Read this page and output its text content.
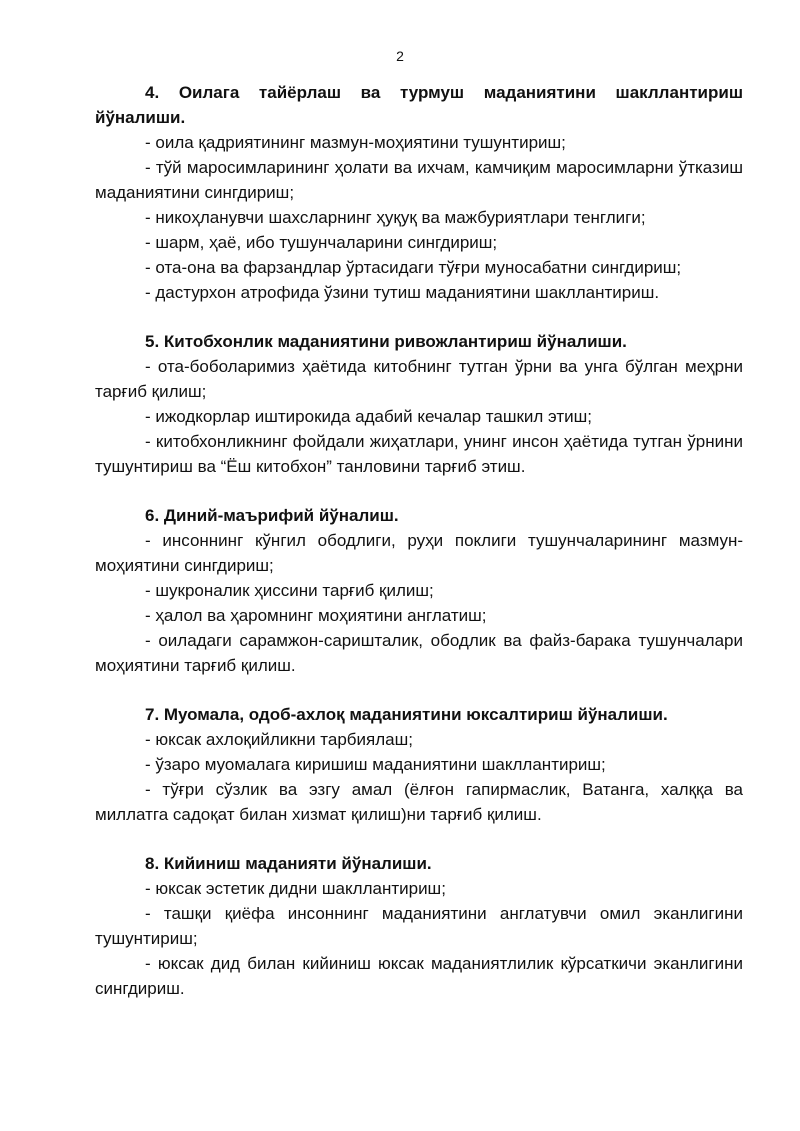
2

4. Оилага тайёрлаш ва турмуш маданиятини шакллантириш йўналиши.

- оила қадриятининг мазмун-моҳиятини тушунтириш;

- тўй маросимларининг ҳолати ва ихчам, камчиқим маросимларни ўтказиш маданиятини сингдириш;

- никоҳланувчи шахсларнинг ҳуқуқ ва мажбуриятлари тенглиги;

- шарм, ҳаё, ибо тушунчаларини сингдириш;

- ота-она ва фарзандлар ўртасидаги тўғри муносабатни сингдириш;

- дастурхон атрофида ўзини тутиш маданиятини шакллантириш.

5. Китобхонлик маданиятини ривожлантириш йўналиши.

- ота-боболаримиз ҳаётида китобнинг тутган ўрни ва унга бўлган меҳрни тарғиб қилиш;

- ижодкорлар иштирокида адабий кечалар ташкил этиш;

- китобхонликнинг фойдали жиҳатлари, унинг инсон ҳаётида тутган ўрнини тушунтириш ва “Ёш китобхон” танловини тарғиб этиш.

6. Диний-маърифий йўналиш.

- инсоннинг кўнгил ободлиги, руҳи поклиги тушунчаларининг мазмун-моҳиятини сингдириш;

- шукроналик ҳиссини тарғиб қилиш;

- ҳалол ва ҳаромнинг моҳиятини англатиш;

- оиладаги сарамжон-саришталик, ободлик ва файз-барака тушунчалари моҳиятини тарғиб қилиш.

7. Муомала, одоб-ахлоқ маданиятини юксалтириш йўналиши.

- юксак ахлоқийликни тарбиялаш;

- ўзаро муомалага киришиш маданиятини шакллантириш;

- тўғри сўзлик ва эзгу амал (ёлғон гапирмаслик, Ватанга, халққа ва миллатга садоқат билан хизмат қилиш)ни тарғиб қилиш.

8. Кийиниш маданияти йўналиши.

- юксак эстетик дидни шакллантириш;

- ташқи қиёфа инсоннинг маданиятини англатувчи омил эканлигини тушунтириш;

- юксак дид билан кийиниш юксак маданиятлилик кўрсаткичи эканлигини сингдириш.
